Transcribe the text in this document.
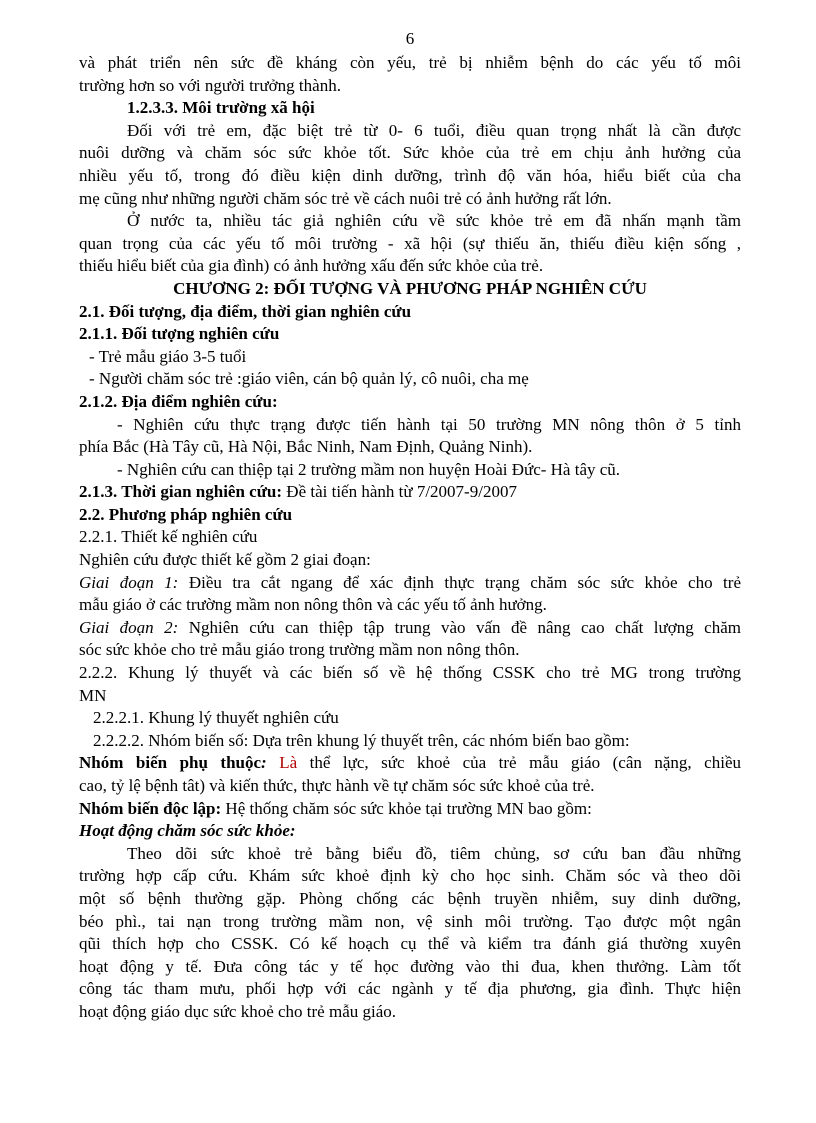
6
và phát triển nên sức đề kháng còn yếu, trẻ bị nhiễm bệnh do các yếu tố môi
trường hơn so với người trưởng thành.
1.2.3.3. Môi trường xã hội
Đối với trẻ em, đặc biệt trẻ từ 0- 6 tuổi, điều quan trọng nhất là cần được
nuôi dưỡng và chăm sóc sức khỏe tốt. Sức khỏe của trẻ em chịu ảnh hưởng của
nhiều yếu tố, trong đó điều kiện dinh dưỡng, trình độ văn hóa, hiểu biết của cha
mẹ cũng như những người chăm sóc trẻ về cách nuôi trẻ có ảnh hưởng rất lớn.
Ở nước ta, nhiều tác giả nghiên cứu về sức khỏe trẻ em đã nhấn mạnh tầm
quan trọng của các yếu tố môi trường - xã hội (sự thiếu ăn, thiếu điều kiện sống ,
thiếu hiểu biết của gia đình) có ảnh hưởng xấu đến sức khỏe của trẻ.
CHƯƠNG 2: ĐỐI TƯỢNG VÀ PHƯƠNG PHÁP NGHIÊN CỨU
2.1. Đối tượng, địa điểm, thời gian nghiên cứu
2.1.1. Đối tượng nghiên cứu
- Trẻ mẫu giáo 3-5 tuổi
- Người chăm sóc trẻ :giáo viên, cán bộ quản lý, cô nuôi, cha mẹ
2.1.2. Địa điểm nghiên cứu:
- Nghiên cứu thực trạng được tiến hành tại 50 trường MN nông thôn ở 5 tỉnh
phía Bắc (Hà Tây cũ, Hà Nội, Bắc Ninh, Nam Định, Quảng Ninh).
- Nghiên cứu can thiệp tại 2 trường mầm non huyện Hoài Đức- Hà tây cũ.
2.1.3. Thời gian nghiên cứu: Đề tài tiến hành từ 7/2007-9/2007
2.2. Phương pháp nghiên cứu
2.2.1. Thiết kế nghiên cứu
Nghiên cứu được thiết kế gồm 2 giai đoạn:
Giai đoạn 1: Điều tra cắt ngang để xác định thực trạng chăm sóc sức khỏe cho trẻ
mẫu giáo ở các trường mầm non nông thôn và các yếu tố ảnh hưởng.
Giai đoạn 2: Nghiên cứu can thiệp tập trung vào vấn đề nâng cao chất lượng chăm
sóc sức khỏe cho trẻ mẫu giáo trong trường mầm non nông thôn.
2.2.2. Khung lý thuyết và các biến số về hệ thống CSSK cho trẻ MG trong trường
MN
2.2.2.1. Khung lý thuyết nghiên cứu
2.2.2.2. Nhóm biến số: Dựa trên khung lý thuyết trên, các nhóm biến bao gồm:
Nhóm biến phụ thuộc: Là thể lực, sức khoẻ của trẻ mẫu giáo (cân nặng, chiều
cao, tỷ lệ bệnh tât) và kiến thức, thực hành về tự chăm sóc sức khoẻ của trẻ.
Nhóm biến độc lập: Hệ thống chăm sóc sức khỏe tại trường MN bao gồm:
Hoạt động chăm sóc sức khỏe:
Theo dõi sức khoẻ trẻ bằng biểu đồ, tiêm chủng, sơ cứu ban đầu những
trường hợp cấp cứu. Khám sức khoẻ định kỳ cho học sinh. Chăm sóc và theo dõi
một số bệnh thường gặp. Phòng chống các bệnh truyền nhiễm, suy dinh dưỡng,
béo phì., tai nạn trong trường mầm non, vệ sinh môi trường. Tạo được một ngân
qũi thích hợp cho CSSK. Có kế hoạch cụ thể và kiểm tra đánh giá thường xuyên
hoạt động y tế. Đưa công tác y tế học đường vào thi đua, khen thưởng. Làm tốt
công tác tham mưu, phối hợp với các ngành y tế địa phương, gia đình. Thực hiện
hoạt động giáo dục sức khoẻ cho trẻ mẫu giáo.
